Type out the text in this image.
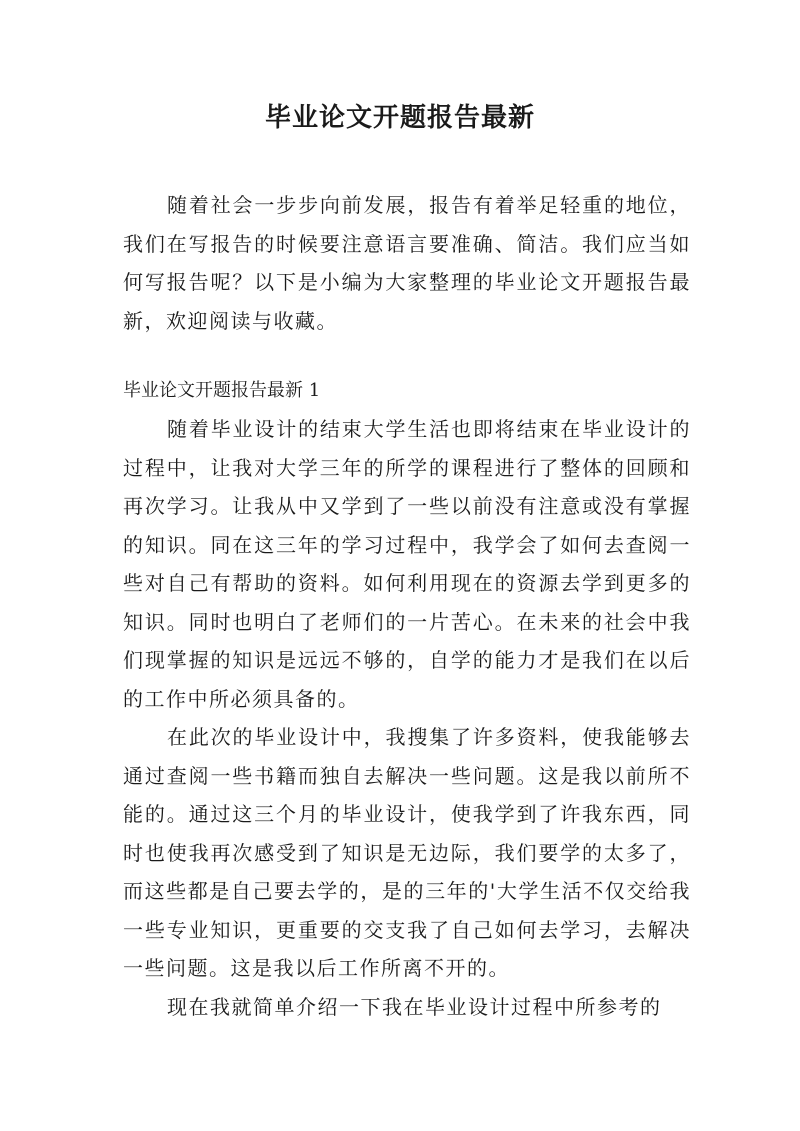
毕业论文开题报告最新

随着社会一步步向前发展，报告有着举足轻重的地位，我们在写报告的时候要注意语言要准确、简洁。我们应当如何写报告呢？以下是小编为大家整理的毕业论文开题报告最新，欢迎阅读与收藏。

毕业论文开题报告最新 1

随着毕业设计的结束大学生活也即将结束在毕业设计的过程中，让我对大学三年的所学的课程进行了整体的回顾和再次学习。让我从中又学到了一些以前没有注意或没有掌握的知识。同在这三年的学习过程中，我学会了如何去查阅一些对自己有帮助的资料。如何利用现在的资源去学到更多的知识。同时也明白了老师们的一片苦心。在未来的社会中我们现掌握的知识是远远不够的，自学的能力才是我们在以后的工作中所必须具备的。

在此次的毕业设计中，我搜集了许多资料，使我能够去通过查阅一些书籍而独自去解决一些问题。这是我以前所不能的。通过这三个月的毕业设计，使我学到了许我东西，同时也使我再次感受到了知识是无边际，我们要学的太多了，而这些都是自己要去学的，是的三年的'大学生活不仅交给我一些专业知识，更重要的交支我了自己如何去学习，去解决一些问题。这是我以后工作所离不开的。

现在我就简单介绍一下我在毕业设计过程中所参考的
